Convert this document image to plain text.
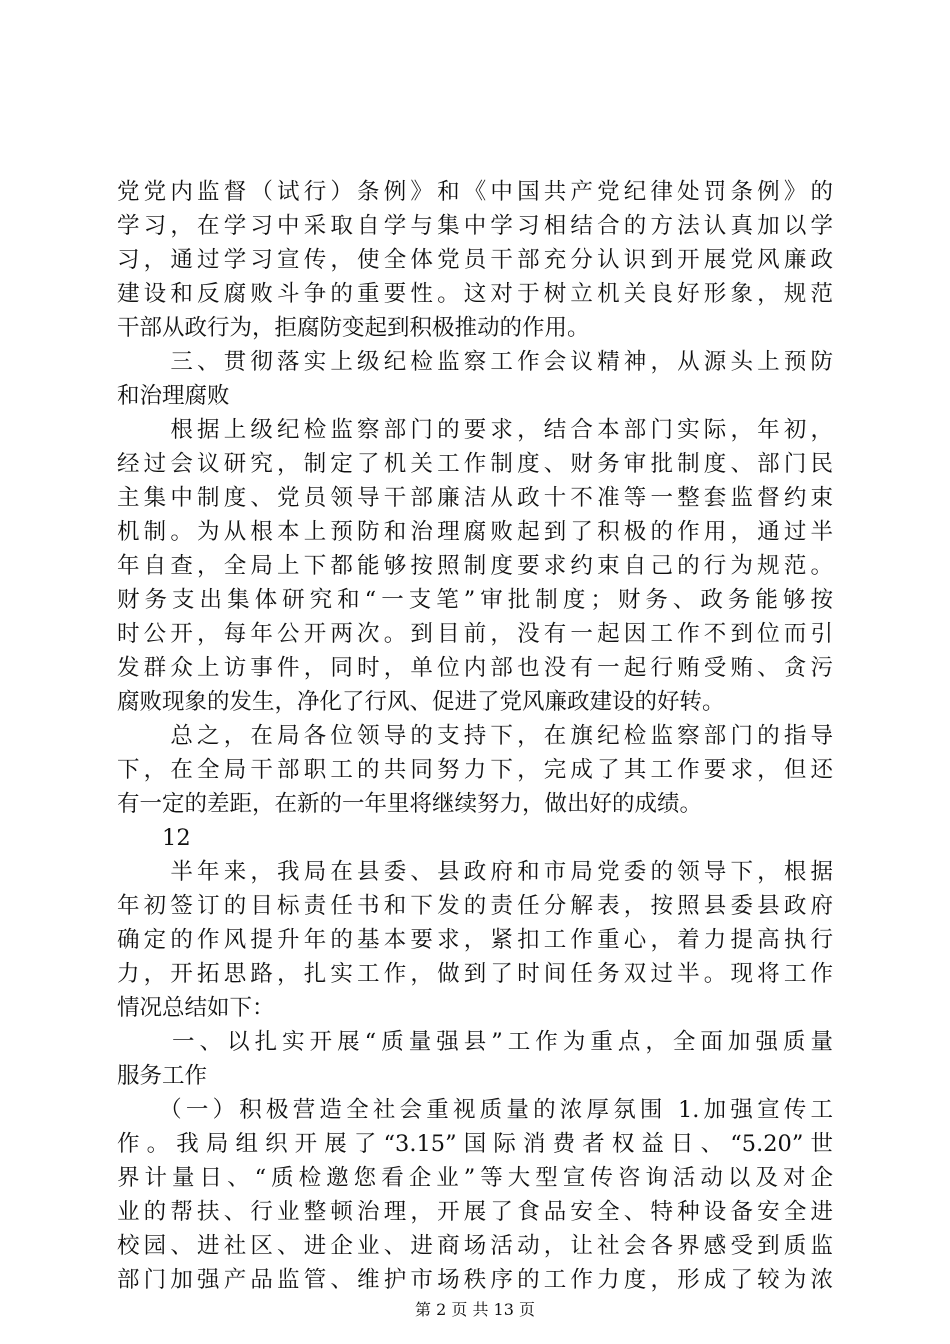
党党内监督（试行）条例》和《中国共产党纪律处罚条例》的
学习，在学习中采取自学与集中学习相结合的方法认真加以学
习，通过学习宣传，使全体党员干部充分认识到开展党风廉政
建设和反腐败斗争的重要性。这对于树立机关良好形象，规范
干部从政行为，拒腐防变起到积极推动的作用。
　　三、贯彻落实上级纪检监察工作会议精神，从源头上预防
和治理腐败
　　根据上级纪检监察部门的要求，结合本部门实际，年初，
经过会议研究，制定了机关工作制度、财务审批制度、部门民
主集中制度、党员领导干部廉洁从政十不准等一整套监督约束
机制。为从根本上预防和治理腐败起到了积极的作用，通过半
年自查，全局上下都能够按照制度要求约束自己的行为规范。
财务支出集体研究和“一支笔”审批制度；财务、政务能够按
时公开，每年公开两次。到目前，没有一起因工作不到位而引
发群众上访事件，同时，单位内部也没有一起行贿受贿、贪污
腐败现象的发生，净化了行风、促进了党风廉政建设的好转。
　　总之，在局各位领导的支持下，在旗纪检监察部门的指导
下，在全局干部职工的共同努力下，完成了其工作要求，但还
有一定的差距，在新的一年里将继续努力，做出好的成绩。
　　12
　　半年来，我局在县委、县政府和市局党委的领导下，根据
年初签订的目标责任书和下发的责任分解表，按照县委县政府
确定的作风提升年的基本要求，紧扣工作重心，着力提高执行
力，开拓思路，扎实工作，做到了时间任务双过半。现将工作
情况总结如下：
　　一、以扎实开展“质量强县”工作为重点，全面加强质量
服务工作
　　（一）积极营造全社会重视质量的浓厚氛围 1.加强宣传工
作。我局组织开展了“3.15”国际消费者权益日、“5.20”世
界计量日、“质检邀您看企业”等大型宣传咨询活动以及对企
业的帮扶、行业整顿治理，开展了食品安全、特种设备安全进
校园、进社区、进企业、进商场活动，让社会各界感受到质监
部门加强产品监管、维护市场秩序的工作力度，形成了较为浓
第 2 页 共 13 页
